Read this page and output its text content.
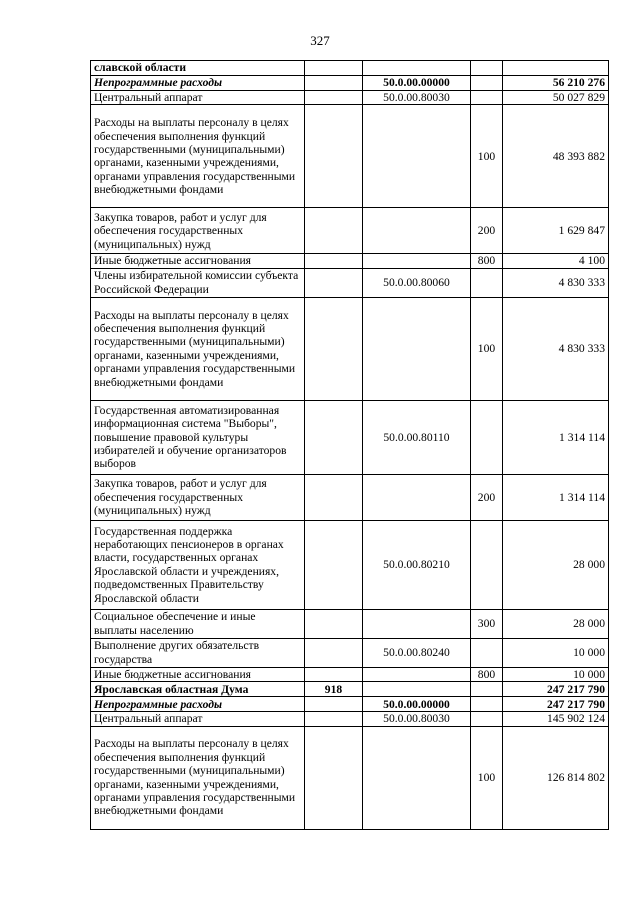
327
славской области				
Непрограммные расходы		50.0.00.00000		56 210 276
Центральный аппарат		50.0.00.80030		50 027 829
Расходы на выплаты персоналу в целях обеспечения выполнения функций государственными (муниципальными) органами, казенными учреждениями, органами управления государственными внебюджетными фондами			100	48 393 882
Закупка товаров, работ и услуг для обеспечения государственных (муниципальных) нужд			200	1 629 847
Иные бюджетные ассигнования			800	4 100
Члены избирательной комиссии субъекта Российской Федерации		50.0.00.80060		4 830 333
Расходы на выплаты персоналу в целях обеспечения выполнения функций государственными (муниципальными) органами, казенными учреждениями, органами управления государственными внебюджетными фондами			100	4 830 333
Государственная автоматизированная информационная система "Выборы", повышение правовой культуры избирателей и обучение организаторов выборов		50.0.00.80110		1 314 114
Закупка товаров, работ и услуг для обеспечения государственных (муниципальных) нужд			200	1 314 114
Государственная поддержка неработающих пенсионеров в органах власти, государственных органах Ярославской области и учреждениях, подведомственных Правительству Ярославской области		50.0.00.80210		28 000
Социальное обеспечение и иные выплаты населению			300	28 000
Выполнение других обязательств государства		50.0.00.80240		10 000
Иные бюджетные ассигнования			800	10 000
Ярославская областная Дума	918			247 217 790
Непрограммные расходы		50.0.00.00000		247 217 790
Центральный аппарат		50.0.00.80030		145 902 124
Расходы на выплаты персоналу в целях обеспечения выполнения функций государственными (муниципальными) органами, казенными учреждениями, органами управления государственными внебюджетными фондами			100	126 814 802
